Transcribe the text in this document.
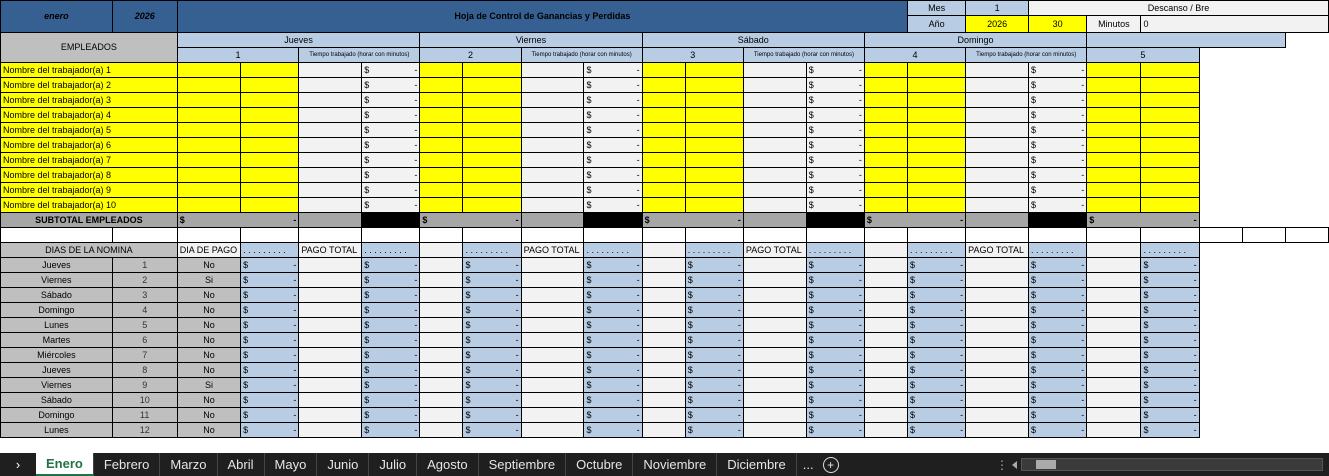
enero	2026	Hoja de Control de Ganancias y Perdidas													Mes	1	Descanso / Bre					
															Año	2026	30	Minutos	0			
EMPLEADOS		Jueves				Viernes				Sábado				Domingo								
		1		Tiempo trabajado (horar con minutos)		2		Tiempo trabajado (horar con minutos)		3		Tiempo trabajado (horar con minutos)		4		Tiempo trabajado (horar con minutos)		5				
Nombre del trabajador(a) 1					$ -				$ -				$ -				$ -					

Nombre del trabajador(a) 2					$ -				$ -				$ -				$ -					

Nombre del trabajador(a) 3					$ -				$ -				$ -				$ -					

Nombre del trabajador(a) 4					$ -				$ -				$ -				$ -					

Nombre del trabajador(a) 5					$ -				$ -				$ -				$ -					

Nombre del trabajador(a) 6					$ -				$ -				$ -				$ -					

Nombre del trabajador(a) 7					$ -				$ -				$ -				$ -					

Nombre del trabajador(a) 8					$ -				$ -				$ -				$ -					

Nombre del trabajador(a) 9					$ -				$ -				$ -				$ -					

Nombre del trabajador(a) 10					$ -				$ -				$ -				$ -					

SUBTOTAL EMPLEADOS		$ -				$ -				$ -				$ -				$ -				

DIAS DE LA NOMINA		DIA DE PAGO	. . . . . . . . .	PAGO TOTAL	. . . . . . . . .		. . . . . . . . .	PAGO TOTAL	. . . . . . . . .		. . . . . . . . .	PAGO TOTAL	. . . . . . . . .		. . . . . . . . .	PAGO TOTAL	. . . . . . . . .		. . . . . . . . .			
Jueves	1	No	$ -		$ -		$ -		$ -		$ -		$ -		$ -		$ -		$ -			

Viernes	2	Si	$ -		$ -		$ -		$ -		$ -		$ -		$ -		$ -		$ -			

Sábado	3	No	$ -		$ -		$ -		$ -		$ -		$ -		$ -		$ -		$ -			

Domingo	4	No	$ -		$ -		$ -		$ -		$ -		$ -		$ -		$ -		$ -			

Lunes	5	No	$ -		$ -		$ -		$ -		$ -		$ -		$ -		$ -		$ -			

Martes	6	No	$ -		$ -		$ -		$ -		$ -		$ -		$ -		$ -		$ -			

Miércoles	7	No	$ -		$ -		$ -		$ -		$ -		$ -		$ -		$ -		$ -			

Jueves	8	No	$ -		$ -		$ -		$ -		$ -		$ -		$ -		$ -		$ -			

Viernes	9	Si	$ -		$ -		$ -		$ -		$ -		$ -		$ -		$ -		$ -			

Sábado	10	No	$ -		$ -		$ -		$ -		$ -		$ -		$ -		$ -		$ -			

Domingo	11	No	$ -		$ -		$ -		$ -		$ -		$ -		$ -		$ -		$ -			

Lunes	12	No	$ -		$ -		$ -		$ -		$ -		$ -		$ -		$ -		$ -			
›	Enero	Febrero	Marzo	Abril	Mayo	Junio	Julio	Agosto	Septiembre	Octubre	Noviembre	Diciembre	...	+	⋮
